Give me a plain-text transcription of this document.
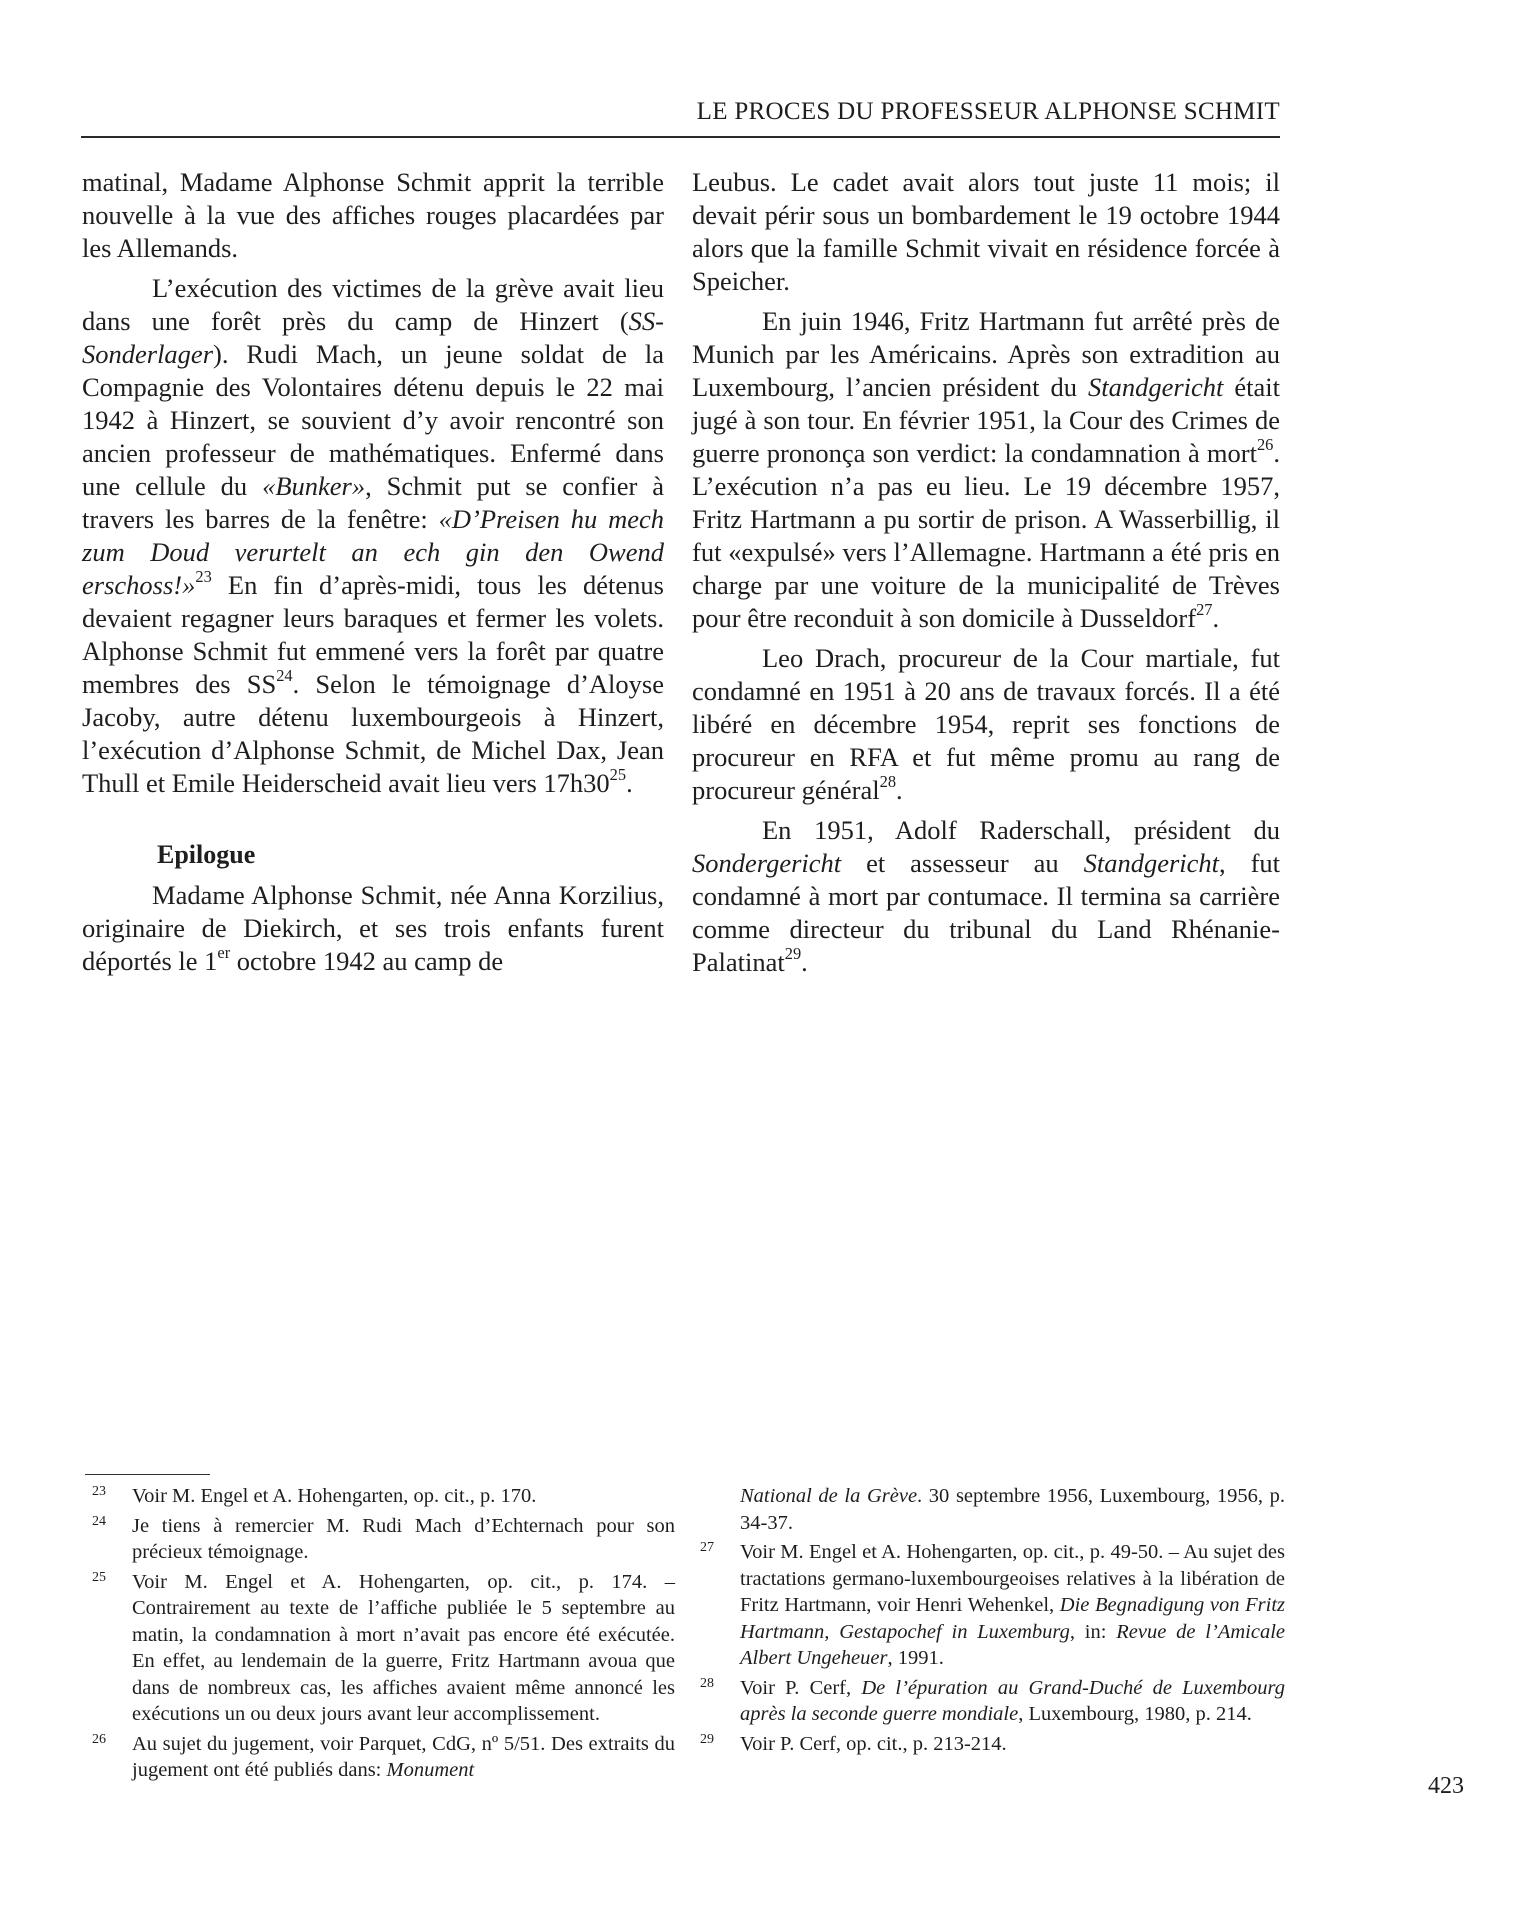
LE PROCES DU PROFESSEUR ALPHONSE SCHMIT

matinal, Madame Alphonse Schmit apprit la terrible nouvelle à la vue des affiches rouges placardées par les Allemands.

L’exécution des victimes de la grève avait lieu dans une forêt près du camp de Hinzert (SS-Sonderlager). Rudi Mach, un jeune soldat de la Compagnie des Volontaires détenu depuis le 22 mai 1942 à Hinzert, se souvient d’y avoir rencontré son ancien professeur de mathématiques. Enfermé dans une cellule du «Bunker», Schmit put se confier à travers les barres de la fenêtre: «D’Preisen hu mech zum Doud verurtelt an ech gin den Owend erschoss!»$^{23}$ En fin d’après-midi, tous les détenus devaient regagner leurs baraques et fermer les volets. Alphonse Schmit fut emmené vers la forêt par quatre membres des SS$^{24}$. Selon le témoignage d’Aloyse Jacoby, autre détenu luxembourgeois à Hinzert, l’exécution d’Alphonse Schmit, de Michel Dax, Jean Thull et Emile Heiderscheid avait lieu vers $17h30^{25}$.

Epilogue

Madame Alphonse Schmit, née Anna Korzilius, originaire de Diekirch, et ses trois enfants furent déportés le 1er octobre 1942 au camp de

Leubus. Le cadet avait alors tout juste 11 mois; il devait périr sous un bombardement le 19 octobre 1944 alors que la famille Schmit vivait en résidence forcée à Speicher.

En juin 1946, Fritz Hartmann fut arrêté près de Munich par les Américains. Après son extradition au Luxembourg, l’ancien président du Standgericht était jugé à son tour. En février 1951, la Cour des Crimes de guerre prononça son verdict: la condamnation à mort$^{26}$. L’exécution n’a pas eu lieu. Le 19 décembre 1957, Fritz Hartmann a pu sortir de prison. A Wasserbillig, il fut «expulsé» vers l’Allemagne. Hartmann a été pris en charge par une voiture de la municipalité de Trèves pour être reconduit à son domicile à Dusseldorf$^{27}$.

Leo Drach, procureur de la Cour martiale, fut condamné en 1951 à 20 ans de travaux forcés. Il a été libéré en décembre 1954, reprit ses fonctions de procureur en RFA et fut même promu au rang de procureur général$^{28}$.

En 1951, Adolf Raderschall, président du Sondergericht et assesseur au Standgericht, fut condamné à mort par contumace. Il termina sa carrière comme directeur du tribunal du Land Rhénanie-Palatinat$^{29}$.

23 Voir M. Engel et A. Hohengarten, op. cit., p. 170.
24 Je tiens à remercier M. Rudi Mach d’Echternach pour son précieux témoignage.
25 Voir M. Engel et A. Hohengarten, op. cit., p. 174. – Contrairement au texte de l’affiche publiée le 5 septembre au matin, la condamnation à mort n’avait pas encore été exécutée. En effet, au lendemain de la guerre, Fritz Hartmann avoua que dans de nombreux cas, les affiches avaient même annoncé les exécutions un ou deux jours avant leur accomplissement.
26 Au sujet du jugement, voir Parquet, CdG, nº 5/51. Des extraits du jugement ont été publiés dans: Monument
National de la Grève. 30 septembre 1956, Luxembourg, 1956, p. 34-37.
27 Voir M. Engel et A. Hohengarten, op. cit., p. 49-50. – Au sujet des tractations germano-luxembourgeoises relatives à la libération de Fritz Hartmann, voir Henri Wehenkel, Die Begnadigung von Fritz Hartmann, Gestapochef in Luxemburg, in: Revue de l’Amicale Albert Ungeheuer, 1991.
28 Voir P. Cerf, De l’épuration au Grand-Duché de Luxembourg après la seconde guerre mondiale, Luxembourg, 1980, p. 214.
29 Voir P. Cerf, op. cit., p. 213-214.
423
